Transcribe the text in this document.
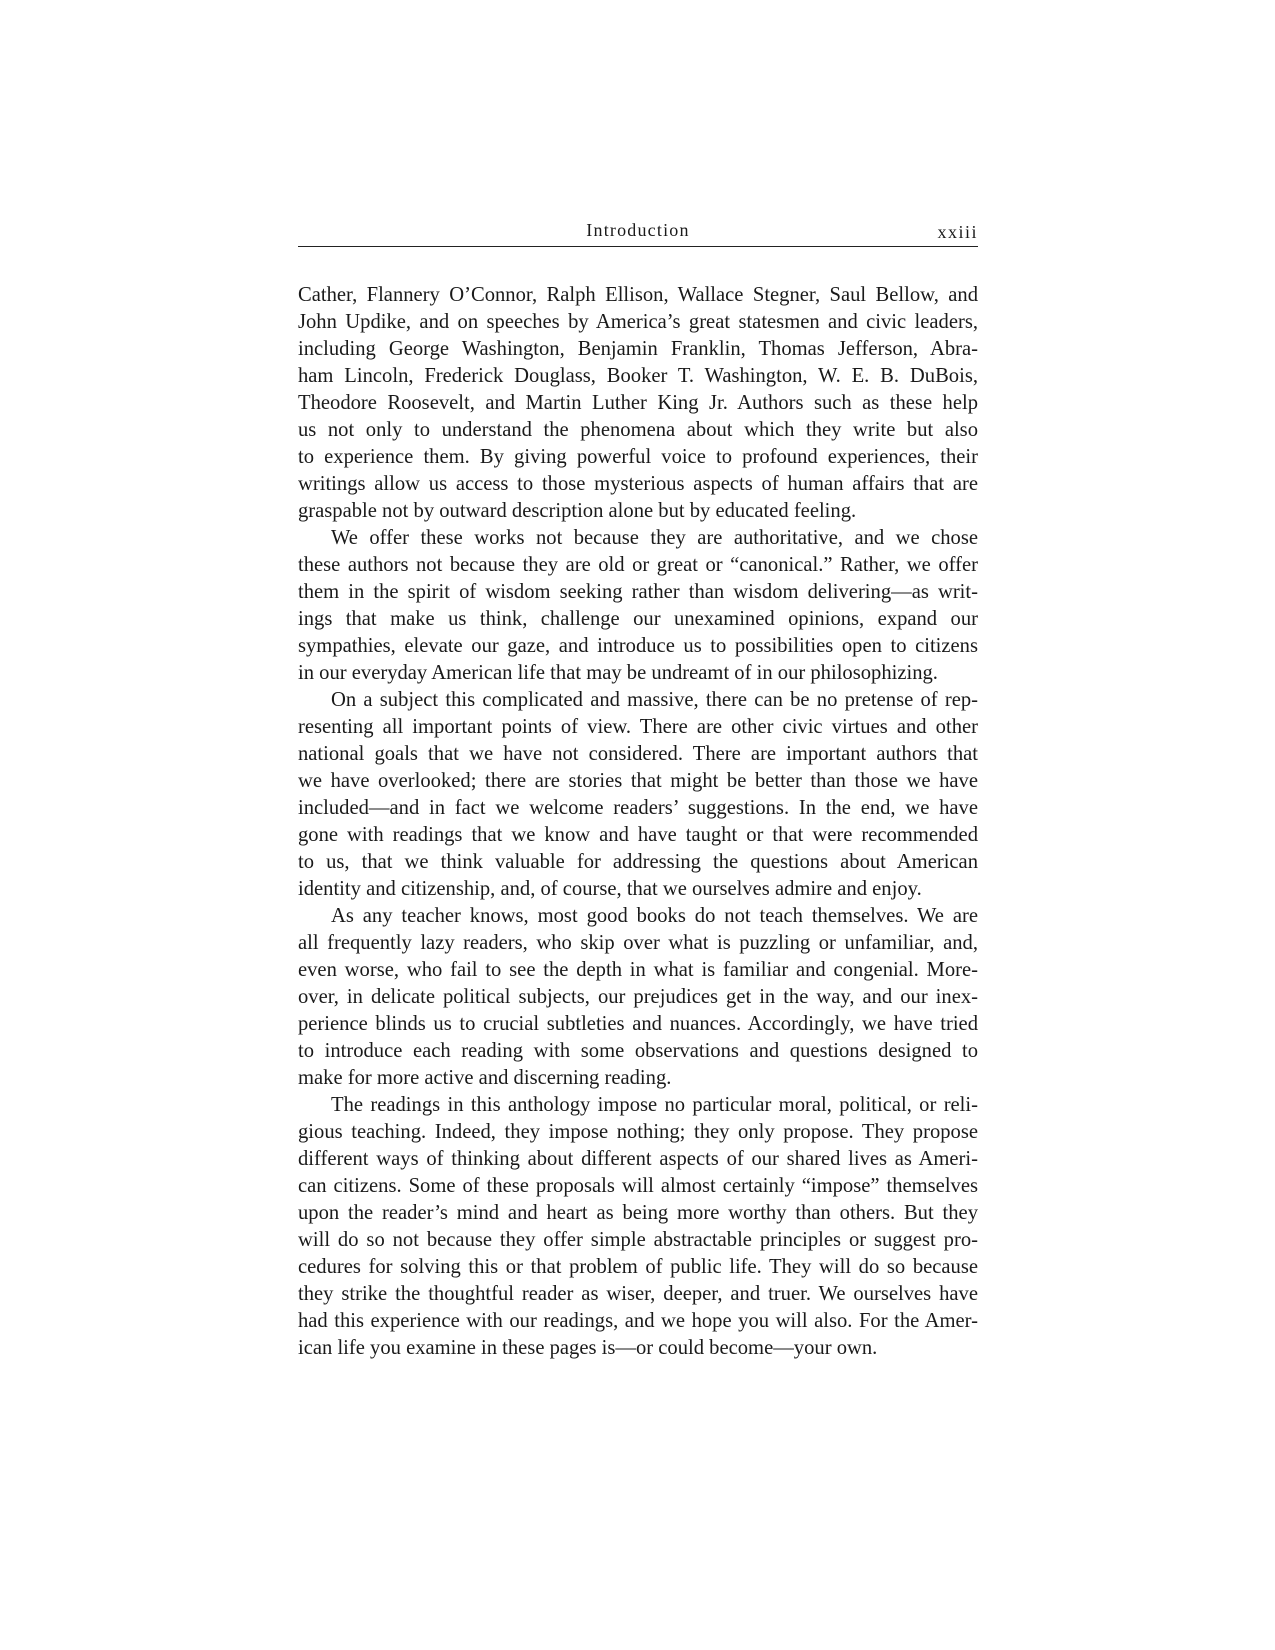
Introduction	xxiii
Cather, Flannery O’Connor, Ralph Ellison, Wallace Stegner, Saul Bellow, and
John Updike, and on speeches by America’s great statesmen and civic leaders,
including George Washington, Benjamin Franklin, Thomas Jefferson, Abra-
ham Lincoln, Frederick Douglass, Booker T. Washington, W. E. B. DuBois,
Theodore Roosevelt, and Martin Luther King Jr. Authors such as these help
us not only to understand the phenomena about which they write but also
to experience them. By giving powerful voice to profound experiences, their
writings allow us access to those mysterious aspects of human affairs that are
graspable not by outward description alone but by educated feeling.
We offer these works not because they are authoritative, and we chose
these authors not because they are old or great or “canonical.” Rather, we offer
them in the spirit of wisdom seeking rather than wisdom delivering—as writ-
ings that make us think, challenge our unexamined opinions, expand our
sympathies, elevate our gaze, and introduce us to possibilities open to citizens
in our everyday American life that may be undreamt of in our philosophizing.
On a subject this complicated and massive, there can be no pretense of rep-
resenting all important points of view. There are other civic virtues and other
national goals that we have not considered. There are important authors that
we have overlooked; there are stories that might be better than those we have
included—and in fact we welcome readers’ suggestions. In the end, we have
gone with readings that we know and have taught or that were recommended
to us, that we think valuable for addressing the questions about American
identity and citizenship, and, of course, that we ourselves admire and enjoy.
As any teacher knows, most good books do not teach themselves. We are
all frequently lazy readers, who skip over what is puzzling or unfamiliar, and,
even worse, who fail to see the depth in what is familiar and congenial. More-
over, in delicate political subjects, our prejudices get in the way, and our inex-
perience blinds us to crucial subtleties and nuances. Accordingly, we have tried
to introduce each reading with some observations and questions designed to
make for more active and discerning reading.
The readings in this anthology impose no particular moral, political, or reli-
gious teaching. Indeed, they impose nothing; they only propose. They propose
different ways of thinking about different aspects of our shared lives as Ameri-
can citizens. Some of these proposals will almost certainly “impose” themselves
upon the reader’s mind and heart as being more worthy than others. But they
will do so not because they offer simple abstractable principles or suggest pro-
cedures for solving this or that problem of public life. They will do so because
they strike the thoughtful reader as wiser, deeper, and truer. We ourselves have
had this experience with our readings, and we hope you will also. For the Amer-
ican life you examine in these pages is—or could become—your own.
